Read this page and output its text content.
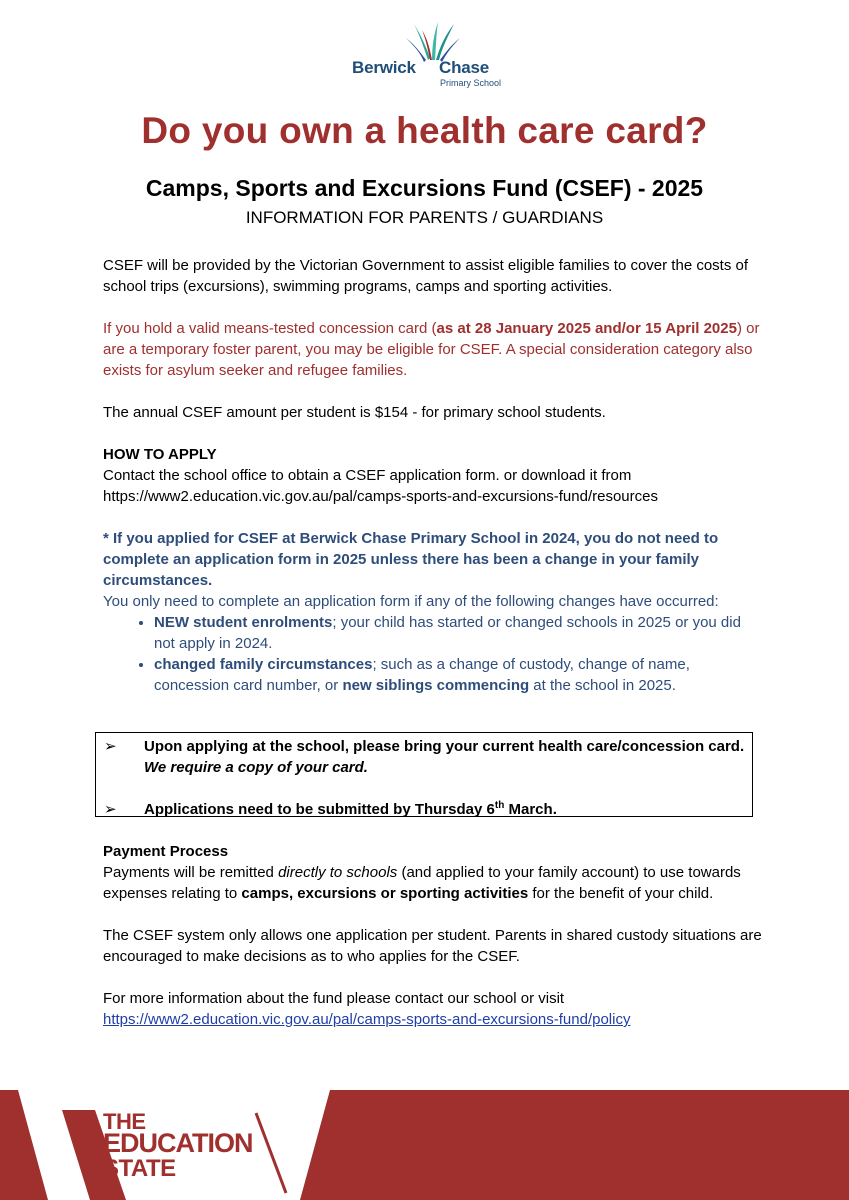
Berwick Chase
Primary School
Do you own a health care card?
Camps, Sports and Excursions Fund (CSEF) - 2025
INFORMATION FOR PARENTS / GUARDIANS

CSEF will be provided by the Victorian Government to assist eligible families to cover the costs of school trips (excursions), swimming programs, camps and sporting activities.

If you hold a valid means-tested concession card (as at 28 January 2025 and/or 15 April 2025) or are a temporary foster parent, you may be eligible for CSEF. A special consideration category also exists for asylum seeker and refugee families.

The annual CSEF amount per student is $154 - for primary school students.

HOW TO APPLY

Contact the school office to obtain a CSEF application form. or download it from

https://www2.education.vic.gov.au/pal/camps-sports-and-excursions-fund/resources

* If you applied for CSEF at Berwick Chase Primary School in 2024, you do not need to complete an application form in 2025 unless there has been a change in your family circumstances.

You only need to complete an application form if any of the following changes have occurred:

• NEW student enrolments; your child has started or changed schools in 2025 or you did not apply in 2024.
• changed family circumstances; such as a change of custody, change of name, concession card number, or new siblings commencing at the school in 2025.
➢	Upon applying at the school, please bring your current health care/concession card.
We require a copy of your card.
➢	Applications need to be submitted by Thursday 6th March.

Payment Process

Payments will be remitted directly to schools (and applied to your family account) to use towards expenses relating to camps, excursions or sporting activities for the benefit of your child.

The CSEF system only allows one application per student. Parents in shared custody situations are encouraged to make decisions as to who applies for the CSEF.

For more information about the fund please contact our school or visit

https://www2.education.vic.gov.au/pal/camps-sports-and-excursions-fund/policy

THE
EDUCATION
STATE
